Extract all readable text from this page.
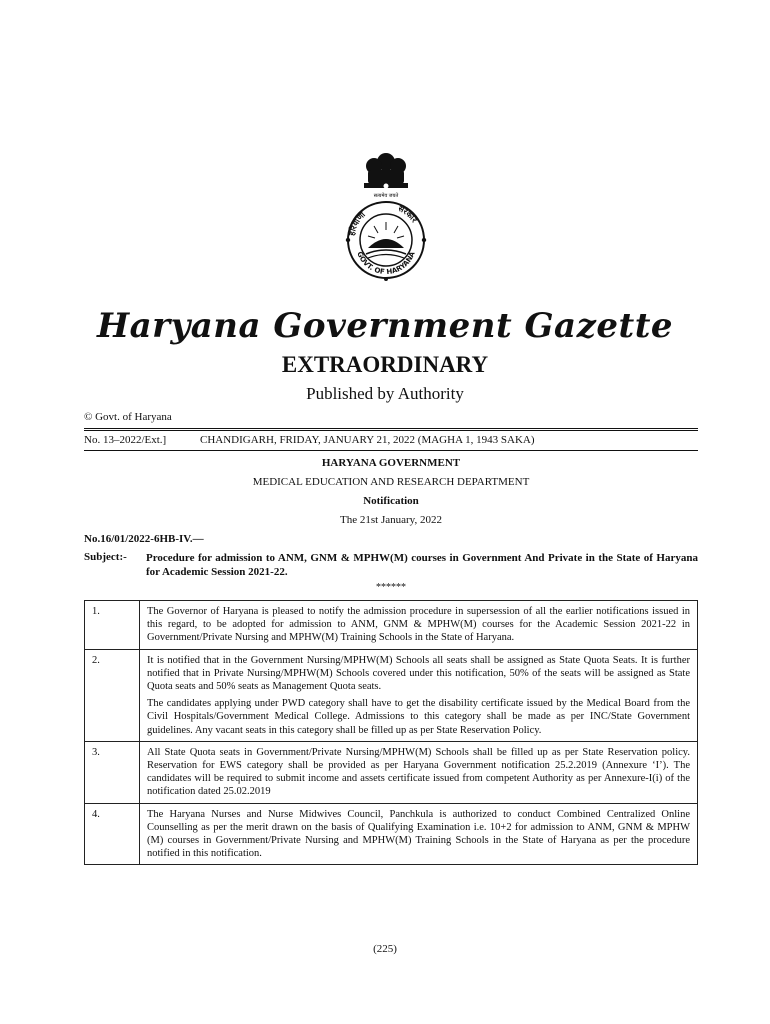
सत्यमेव जयते
हरियाणा
सरकार
GOVT. OF HARYANA
Haryana Government Gazette
EXTRAORDINARY
Published by Authority
© Govt. of Haryana
No. 13–2022/Ext.]	CHANDIGARH, FRIDAY, JANUARY 21, 2022 (MAGHA 1, 1943 SAKA)
HARYANA GOVERNMENT
MEDICAL EDUCATION AND RESEARCH DEPARTMENT
Notification
The 21st January, 2022
No.16/01/2022-6HB-IV.—
Subject:- Procedure for admission to ANM, GNM & MPHW(M) courses in Government And Private in the State of Haryana for Academic Session 2021-22.
******
1.	The Governor of Haryana is pleased to notify the admission procedure in supersession of all the earlier notifications issued in this regard, to be adopted for admission to ANM, GNM & MPHW(M) courses for the Academic Session 2021-22 in Government/Private Nursing and MPHW(M) Training Schools in the State of Haryana.

2.	It is notified that in the Government Nursing/MPHW(M) Schools all seats shall be assigned as State Quota Seats. It is further notified that in Private Nursing/MPHW(M) Schools covered under this notification, 50% of the seats will be assigned as State Quota seats and 50% seats as Management Quota seats.

The candidates applying under PWD category shall have to get the disability certificate issued by the Medical Board from the Civil Hospitals/Government Medical College. Admissions to this category shall be made as per INC/State Government guidelines. Any vacant seats in this category shall be filled up as per State Reservation Policy.

3.	All State Quota seats in Government/Private Nursing/MPHW(M) Schools shall be filled up as per State Reservation policy. Reservation for EWS category shall be provided as per Haryana Government notification 25.2.2019 (Annexure ‘I’). The candidates will be required to submit income and assets certificate issued from competent Authority as per Annexure-I(i) of the notification dated 25.02.2019

4.	The Haryana Nurses and Nurse Midwives Council, Panchkula is authorized to conduct Combined Centralized Online Counselling as per the merit drawn on the basis of Qualifying Examination i.e. 10+2 for admission to ANM, GNM & MPHW (M) courses in Government/Private Nursing and MPHW(M) Training Schools in the State of Haryana as per the procedure notified in this notification.

(225)
